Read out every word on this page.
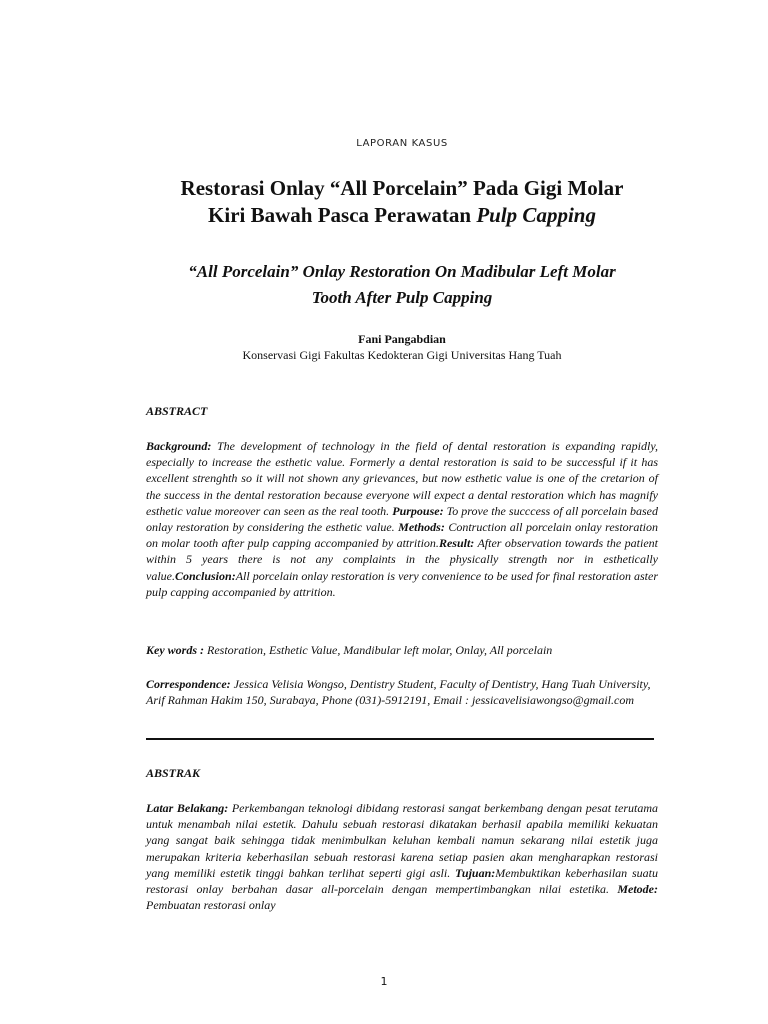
LAPORAN KASUS
Restorasi Onlay “All Porcelain” Pada Gigi Molar
Kiri Bawah Pasca Perawatan Pulp Capping
“All Porcelain” Onlay Restoration On Madibular Left Molar
Tooth After Pulp Capping
Fani Pangabdian
Konservasi Gigi Fakultas Kedokteran Gigi Universitas Hang Tuah
ABSTRACT

Background: The development of technology in the field of dental restoration is expanding rapidly, especially to increase the esthetic value. Formerly a dental restoration is said to be successful if it has excellent strenghth so it will not shown any grievances, but now esthetic value is one of the cretarion of the success in the dental restoration because everyone will expect a dental restoration which has magnify esthetic value moreover can seen as the real tooth. Purpouse: To prove the succcess of all porcelain based onlay restoration by considering the esthetic value. Methods: Contruction all porcelain onlay restoration on molar tooth after pulp capping accompanied by attrition.Result: After observation towards the patient within 5 years there is not any complaints in the physically strength nor in esthetically value.Conclusion:All porcelain onlay restoration is very convenience to be used for final restoration aster pulp capping accompanied by attrition.

Key words : Restoration, Esthetic Value, Mandibular left molar, Onlay, All porcelain

Correspondence: Jessica Velisia Wongso, Dentistry Student, Faculty of Dentistry, Hang Tuah University, Arif Rahman Hakim 150, Surabaya, Phone (031)-5912191, Email : jessicavelisiawongso@gmail.com

ABSTRAK

Latar Belakang: Perkembangan teknologi dibidang restorasi sangat berkembang dengan pesat terutama untuk menambah nilai estetik. Dahulu sebuah restorasi dikatakan berhasil apabila memiliki kekuatan yang sangat baik sehingga tidak menimbulkan keluhan kembali namun sekarang nilai estetik juga merupakan kriteria keberhasilan sebuah restorasi karena setiap pasien akan mengharapkan restorasi yang memiliki estetik tinggi bahkan terlihat seperti gigi asli. Tujuan:Membuktikan keberhasilan suatu restorasi onlay berbahan dasar all-porcelain dengan mempertimbangkan nilai estetika. Metode: Pembuatan restorasi onlay

1
